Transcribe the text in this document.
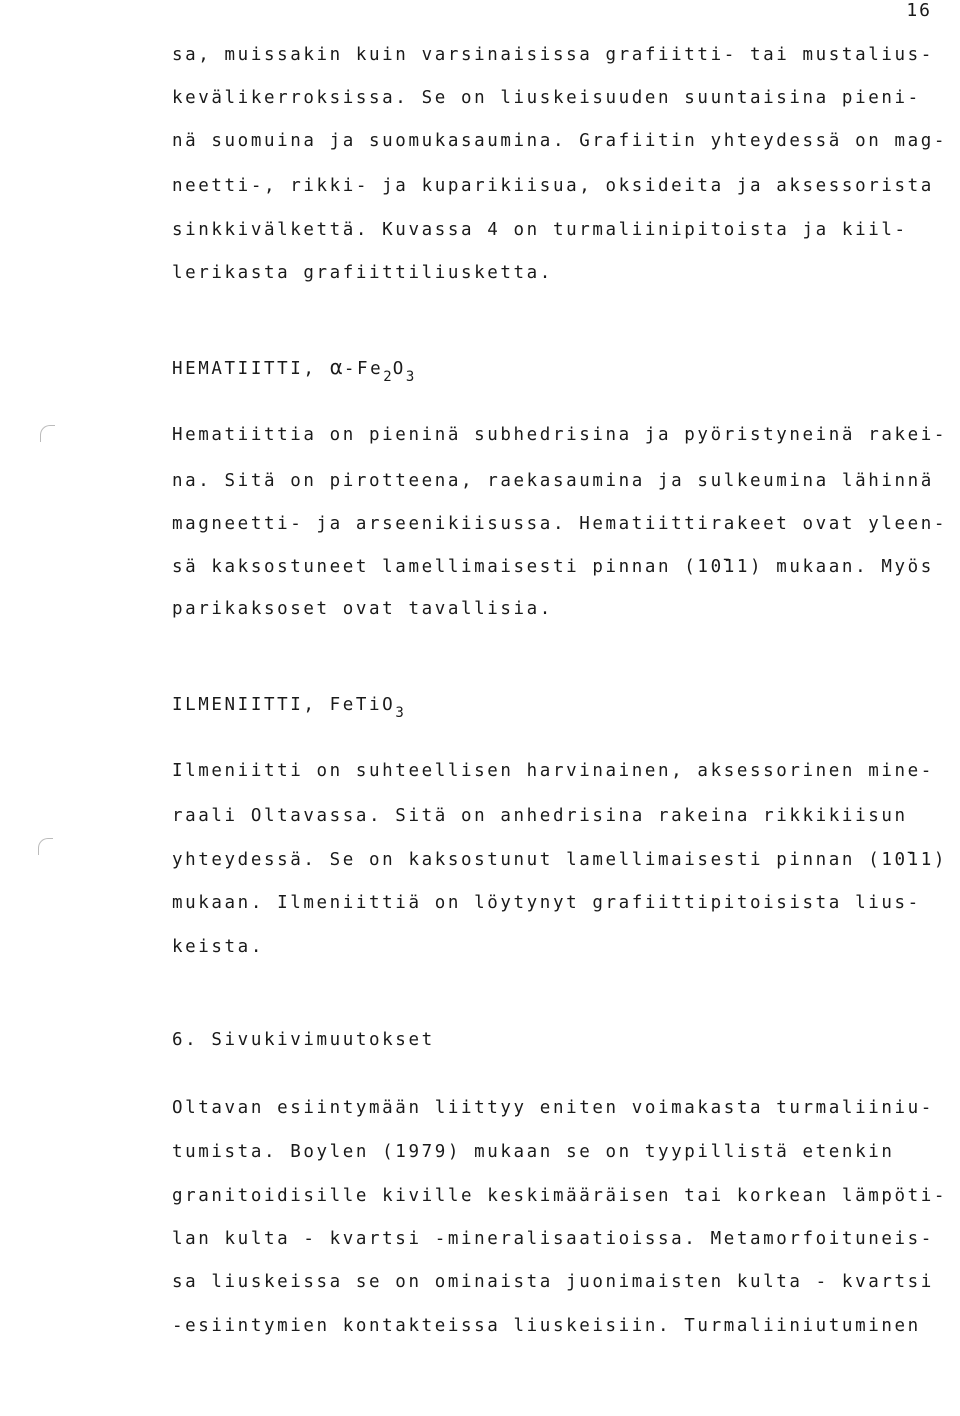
16
sa, muissakin kuin varsinaisissa grafiitti- tai mustalius-
kevälikerroksissa. Se on liuskeisuuden suuntaisina pieni-
nä suomuina ja suomukasaumina. Grafiitin yhteydessä on mag-
neetti-, rikki- ja kuparikiisua, oksideita ja aksessorista
sinkkivälkettä. Kuvassa 4 on turmaliinipitoista ja kiil-
lerikasta grafiittiliusketta.
HEMATIITTI, $\alpha-Fe_2O_3$
Hematiittia on pieninä subhedrisina ja pyöristyneinä rakei-
na. Sitä on pirotteena, raekasaumina ja sulkeumina lähinnä
magneetti- ja arseenikiisussa. Hematiittirakeet ovat yleen-
sä kaksostuneet lamellimaisesti pinnan (10̄11) mukaan. Myös
parikaksoset ovat tavallisia.
ILMENIITTI, FeTiO$_3$
Ilmeniitti on suhteellisen harvinainen, aksessorinen mine-
raali Oltavassa. Sitä on anhedrisina rakeina rikkikiisun
yhteydessä. Se on kaksostunut lamellimaisesti pinnan (10̄11)
mukaan. Ilmeniittiä on löytynyt grafiittipitoisista lius-
keista.
6. Sivukivimuutokset
Oltavan esiintymään liittyy eniten voimakasta turmaliiniu-
tumista. Boylen (1979) mukaan se on tyypillistä etenkin
granitoidisille kiville keskimääräisen tai korkean lämpöti-
lan kulta - kvartsi -mineralisaatioissa. Metamorfoituneis-
sa liuskeissa se on ominaista juonimaisten kulta - kvartsi
-esiintymien kontakteissa liuskeisiin. Turmaliiniutuminen
